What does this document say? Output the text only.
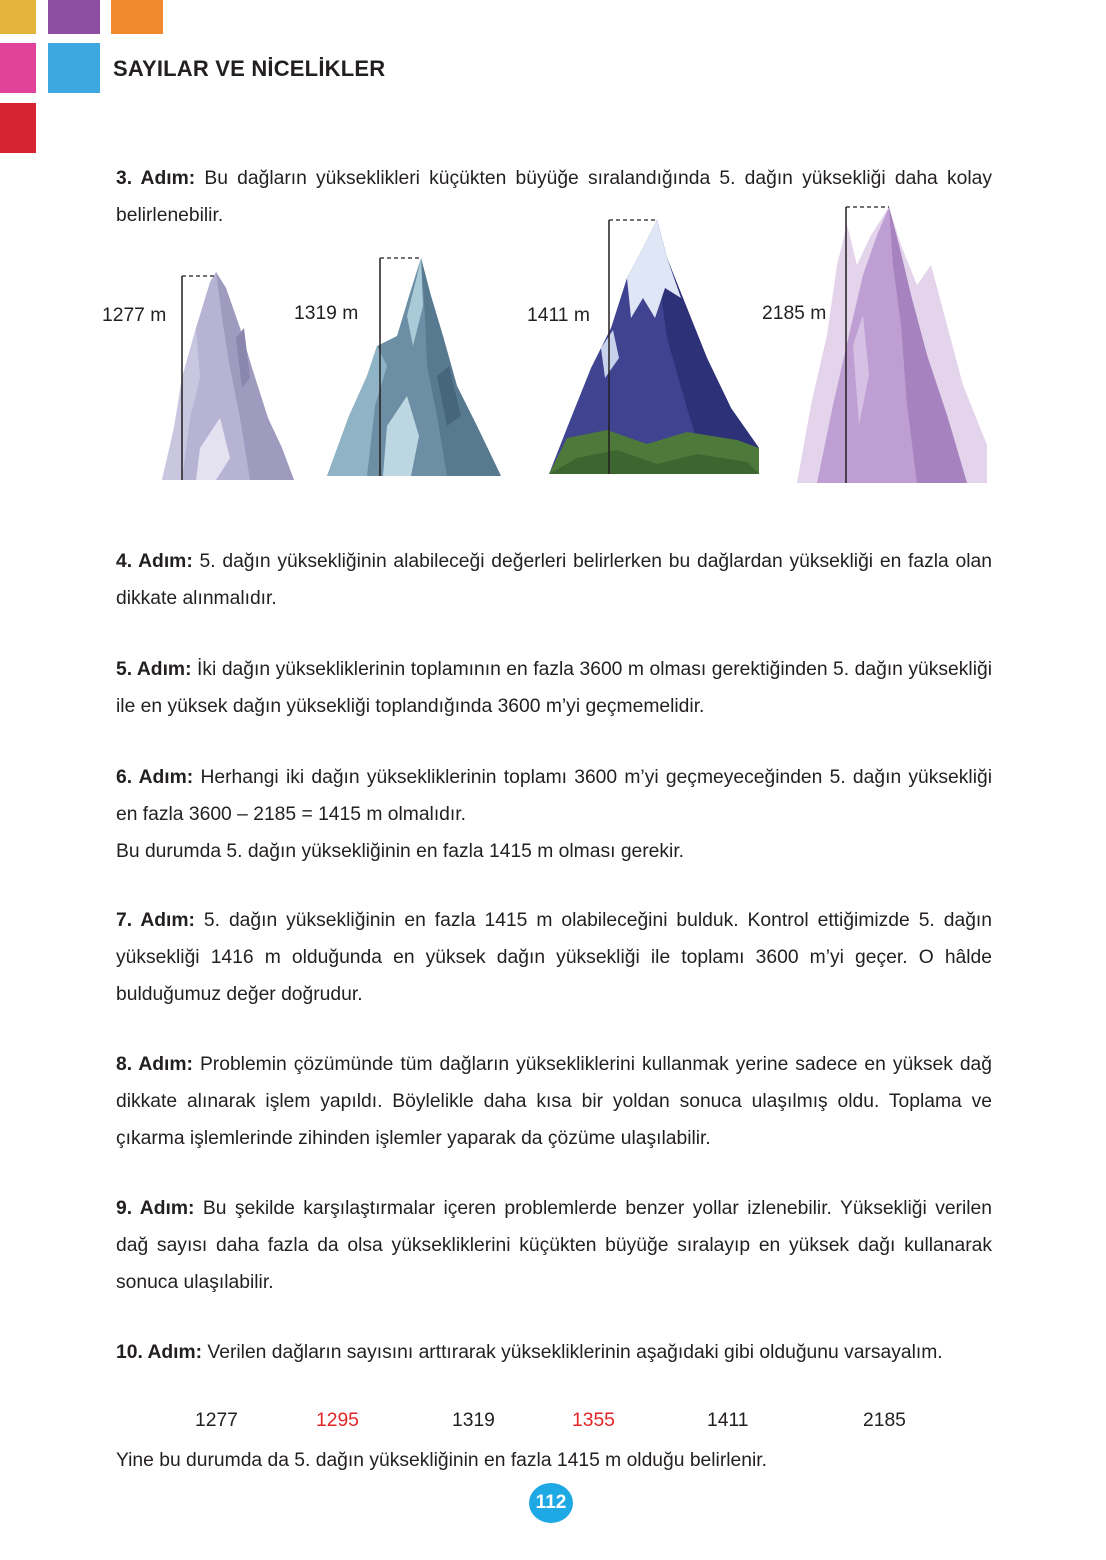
SAYILAR VE NİCELİKLER

3. Adım: Bu dağların yükseklikleri küçükten büyüğe sıralandığında 5. dağın yüksekliği daha kolay belirlenebilir.

1277 m	1319 m	1411 m	2185 m

4. Adım: 5. dağın yüksekliğinin alabileceği değerleri belirlerken bu dağlardan yüksekliği en fazla olan dikkate alınmalıdır.

5. Adım: İki dağın yüksekliklerinin toplamının en fazla 3600 m olması gerektiğinden 5. dağın yüksekliği ile en yüksek dağın yüksekliği toplandığında 3600 m’yi geçmemelidir.

6. Adım: Herhangi iki dağın yüksekliklerinin toplamı 3600 m’yi geçmeyeceğinden 5. dağın yüksekliği en fazla 3600 – 2185 = 1415 m olmalıdır.
Bu durumda 5. dağın yüksekliğinin en fazla 1415 m olması gerekir.

7. Adım: 5. dağın yüksekliğinin en fazla 1415 m olabileceğini bulduk. Kontrol ettiğimizde 5. dağın yüksekliği 1416 m olduğunda en yüksek dağın yüksekliği ile toplamı 3600 m’yi geçer. O hâlde bulduğumuz değer doğrudur.

8. Adım: Problemin çözümünde tüm dağların yüksekliklerini kullanmak yerine sadece en yüksek dağ dikkate alınarak işlem yapıldı. Böylelikle daha kısa bir yoldan sonuca ulaşılmış oldu. Toplama ve çıkarma işlemlerinde zihinden işlemler yaparak da çözüme ulaşılabilir.

9. Adım: Bu şekilde karşılaştırmalar içeren problemlerde benzer yollar izlenebilir. Yüksekliği verilen dağ sayısı daha fazla da olsa yüksekliklerini küçükten büyüğe sıralayıp en yüksek dağı kullanarak sonuca ulaşılabilir.

10. Adım: Verilen dağların sayısını arttırarak yüksekliklerinin aşağıdaki gibi olduğunu varsayalım.

1277	1295	1319	1355	1411	2185

Yine bu durumda da 5. dağın yüksekliğinin en fazla 1415 m olduğu belirlenir.

112
